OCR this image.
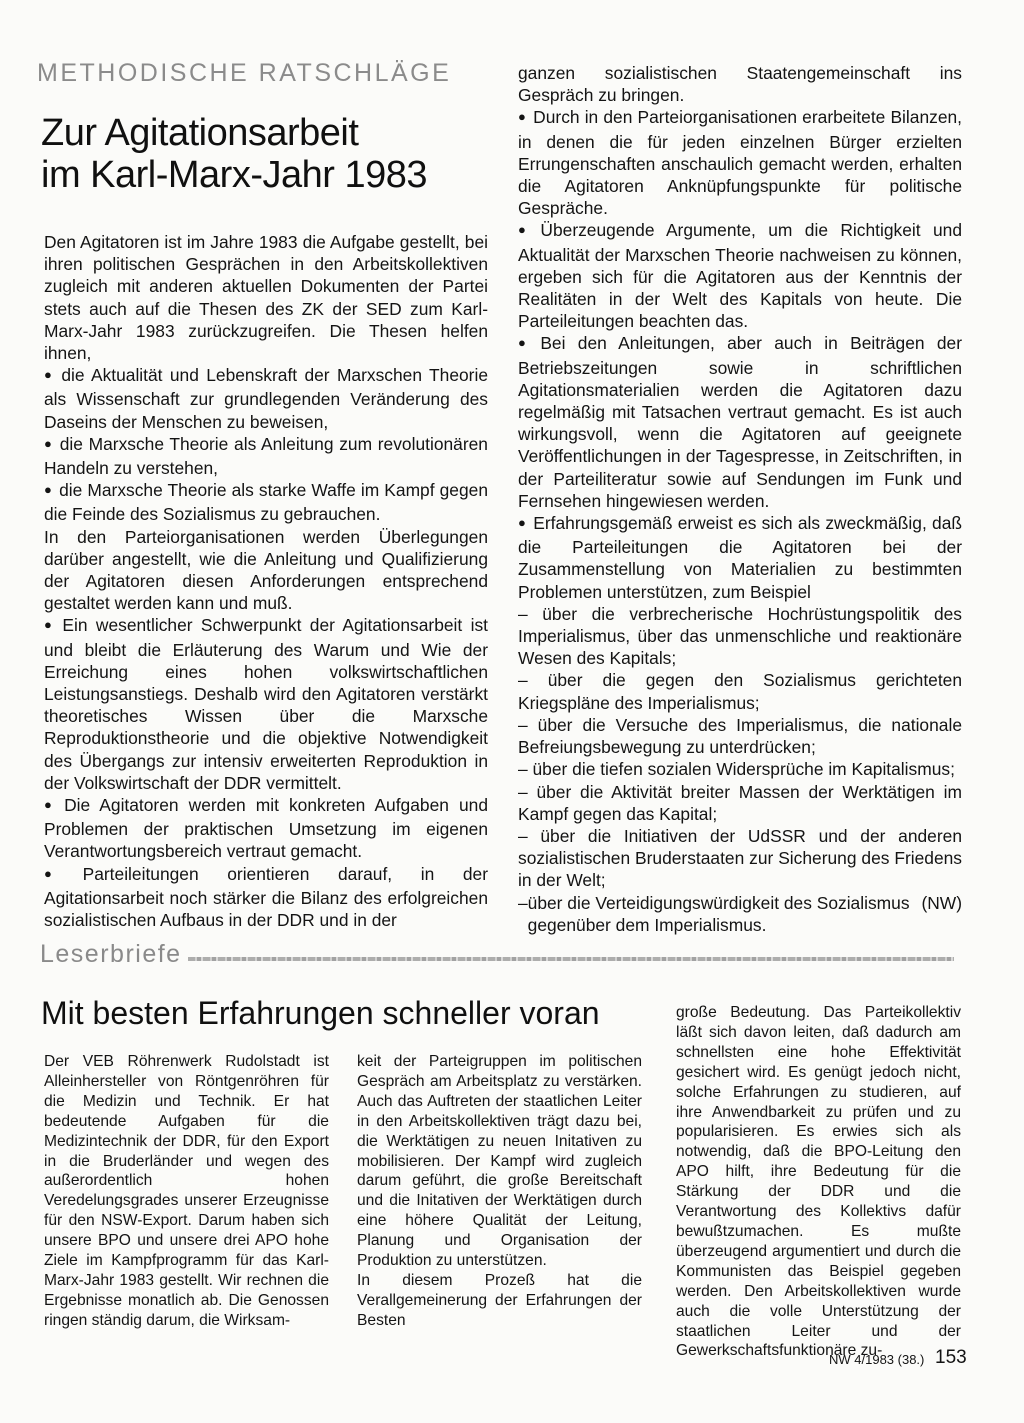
METHODISCHE RATSCHLÄGE
Zur Agitationsarbeit
im Karl-Marx-Jahr 1983

Den Agitatoren ist im Jahre 1983 die Aufgabe gestellt, bei ihren politischen Gesprächen in den Arbeitskollektiven zugleich mit anderen aktuellen Dokumenten der Partei stets auch auf die Thesen des ZK der SED zum Karl-Marx-Jahr 1983 zurückzugreifen. Die Thesen helfen ihnen,

● die Aktualität und Lebenskraft der Marxschen Theorie als Wissenschaft zur grundlegenden Veränderung des Daseins der Menschen zu beweisen,

● die Marxsche Theorie als Anleitung zum revolutionären Handeln zu verstehen,

● die Marxsche Theorie als starke Waffe im Kampf gegen die Feinde des Sozialismus zu gebrauchen.

In den Parteiorganisationen werden Überlegungen darüber angestellt, wie die Anleitung und Qualifizierung der Agitatoren diesen Anforderungen entsprechend gestaltet werden kann und muß.

● Ein wesentlicher Schwerpunkt der Agitationsarbeit ist und bleibt die Erläuterung des Warum und Wie der Erreichung eines hohen volkswirtschaftlichen Leistungsanstiegs. Deshalb wird den Agitatoren verstärkt theoretisches Wissen über die Marxsche Reproduktionstheorie und die objektive Notwendigkeit des Übergangs zur intensiv erweiterten Reproduktion in der Volkswirtschaft der DDR vermittelt.

● Die Agitatoren werden mit konkreten Aufgaben und Problemen der praktischen Umsetzung im eigenen Verantwortungsbereich vertraut gemacht.

● Parteileitungen orientieren darauf, in der Agitationsarbeit noch stärker die Bilanz des erfolgreichen sozialistischen Aufbaus in der DDR und in der

ganzen sozialistischen Staatengemeinschaft ins Gespräch zu bringen.

● Durch in den Parteiorganisationen erarbeitete Bilanzen, in denen die für jeden einzelnen Bürger erzielten Errungenschaften anschaulich gemacht werden, erhalten die Agitatoren Anknüpfungspunkte für politische Gespräche.

● Überzeugende Argumente, um die Richtigkeit und Aktualität der Marxschen Theorie nachweisen zu können, ergeben sich für die Agitatoren aus der Kenntnis der Realitäten in der Welt des Kapitals von heute. Die Parteileitungen beachten das.

● Bei den Anleitungen, aber auch in Beiträgen der Betriebszeitungen sowie in schriftlichen Agitationsmaterialien werden die Agitatoren dazu regelmäßig mit Tatsachen vertraut gemacht. Es ist auch wirkungsvoll, wenn die Agitatoren auf geeignete Veröffentlichungen in der Tagespresse, in Zeitschriften, in der Parteiliteratur sowie auf Sendungen im Funk und Fernsehen hingewiesen werden.

● Erfahrungsgemäß erweist es sich als zweckmäßig, daß die Parteileitungen die Agitatoren bei der Zusammenstellung von Materialien zu bestimmten Problemen unterstützen, zum Beispiel

– über die verbrecherische Hochrüstungspolitik des Imperialismus, über das unmenschliche und reaktionäre Wesen des Kapitals;

– über die gegen den Sozialismus gerichteten Kriegspläne des Imperialismus;

– über die Versuche des Imperialismus, die nationale Befreiungsbewegung zu unterdrücken;

– über die tiefen sozialen Widersprüche im Kapitalismus;

– über die Aktivität breiter Massen der Werktätigen im Kampf gegen das Kapital;

– über die Initiativen der UdSSR und der anderen sozialistischen Bruderstaaten zur Sicherung des Friedens in der Welt;

– über die Verteidigungswürdigkeit des Sozialismus gegenüber dem Imperialismus.
(NW)

Leserbriefe
Mit besten Erfahrungen schneller voran

Der VEB Röhrenwerk Rudolstadt ist Alleinhersteller von Röntgenröhren für die Medizin und Technik. Er hat bedeutende Aufgaben für die Medizintechnik der DDR, für den Export in die Bruderländer und wegen des außerordentlich hohen Veredelungsgrades unserer Erzeugnisse für den NSW-Export. Darum haben sich unsere BPO und unsere drei APO hohe Ziele im Kampfprogramm für das Karl-Marx-Jahr 1983 gestellt. Wir rechnen die Ergebnisse monatlich ab. Die Genossen ringen ständig darum, die Wirksam-

keit der Parteigruppen im politischen Gespräch am Arbeitsplatz zu verstärken. Auch das Auftreten der staatlichen Leiter in den Arbeitskollektiven trägt dazu bei, die Werktätigen zu neuen Initativen zu mobilisieren. Der Kampf wird zugleich darum geführt, die große Bereitschaft und die Initativen der Werktätigen durch eine höhere Qualität der Leitung, Planung und Organisation der Produktion zu unterstützen.

In diesem Prozeß hat die Verallgemeinerung der Erfahrungen der Besten

große Bedeutung. Das Parteikollektiv läßt sich davon leiten, daß dadurch am schnellsten eine hohe Effektivität gesichert wird. Es genügt jedoch nicht, solche Erfahrungen zu studieren, auf ihre Anwendbarkeit zu prüfen und zu popularisieren. Es erwies sich als notwendig, daß die BPO-Leitung den APO hilft, ihre Bedeutung für die Stärkung der DDR und die Verantwortung des Kollektivs dafür bewußtzumachen. Es mußte überzeugend argumentiert und durch die Kommunisten das Beispiel gegeben werden. Den Arbeitskollektiven wurde auch die volle Unterstützung der staatlichen Leiter und der Gewerkschaftsfunktionäre zu-

NW 4/1983 (38.) 153
